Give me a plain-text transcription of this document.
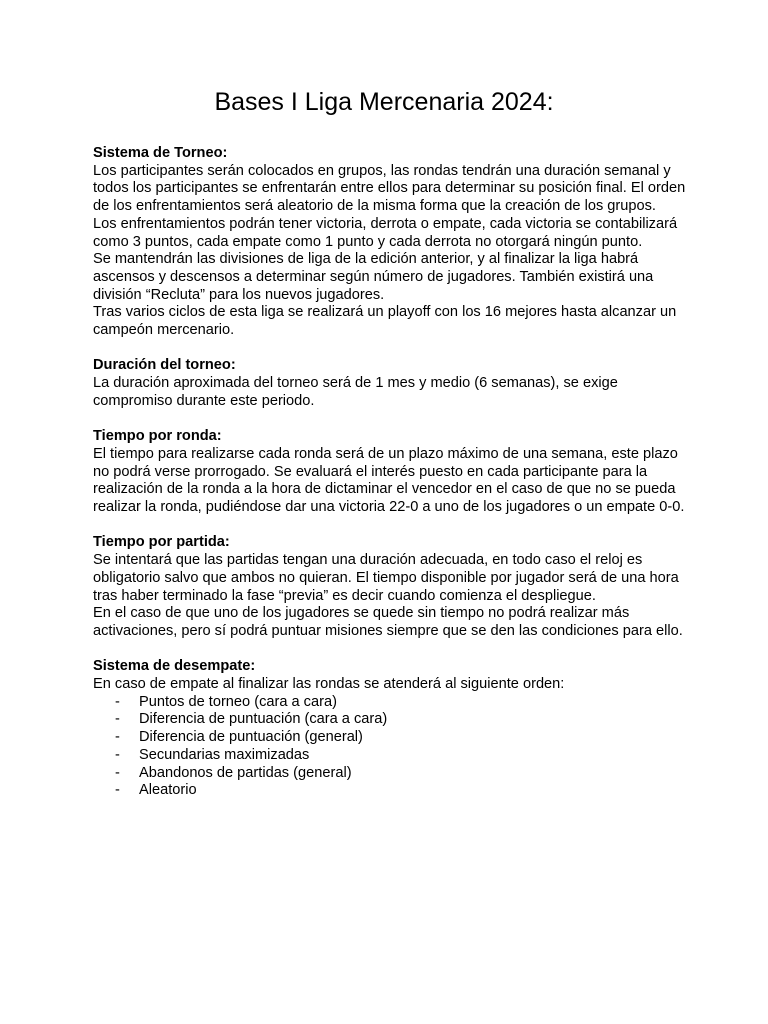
Bases I Liga Mercenaria 2024:
Sistema de Torneo:
Los participantes serán colocados en grupos, las rondas tendrán una duración semanal y todos los participantes se enfrentarán entre ellos para determinar su posición final. El orden de los enfrentamientos será aleatorio de la misma forma que la creación de los grupos.
Los enfrentamientos podrán tener victoria, derrota o empate, cada victoria se contabilizará como 3 puntos, cada empate como 1 punto y cada derrota no otorgará ningún punto.
Se mantendrán las divisiones de liga de la edición anterior, y al finalizar la liga habrá ascensos y descensos a determinar según número de jugadores. También existirá una división “Recluta” para los nuevos jugadores.
Tras varios ciclos de esta liga se realizará un playoff con los 16 mejores hasta alcanzar un campeón mercenario.
Duración del torneo:
La duración aproximada del torneo será de 1 mes y medio (6 semanas), se exige compromiso durante este periodo.
Tiempo por ronda:
El tiempo para realizarse cada ronda será de un plazo máximo de una semana, este plazo no podrá verse prorrogado. Se evaluará el interés puesto en cada participante para la realización de la ronda a la hora de dictaminar el vencedor en el caso de que no se pueda realizar la ronda, pudiéndose dar una victoria 22-0 a uno de los jugadores o un empate 0-0.
Tiempo por partida:
Se intentará que las partidas tengan una duración adecuada, en todo caso el reloj es obligatorio salvo que ambos no quieran. El tiempo disponible por jugador será de una hora tras haber terminado la fase “previa” es decir cuando comienza el despliegue.
En el caso de que uno de los jugadores se quede sin tiempo no podrá realizar más activaciones, pero sí podrá puntuar misiones siempre que se den las condiciones para ello.
Sistema de desempate:
En caso de empate al finalizar las rondas se atenderá al siguiente orden:
- Puntos de torneo (cara a cara)
- Diferencia de puntuación (cara a cara)
- Diferencia de puntuación (general)
- Secundarias maximizadas
- Abandonos de partidas (general)
- Aleatorio
